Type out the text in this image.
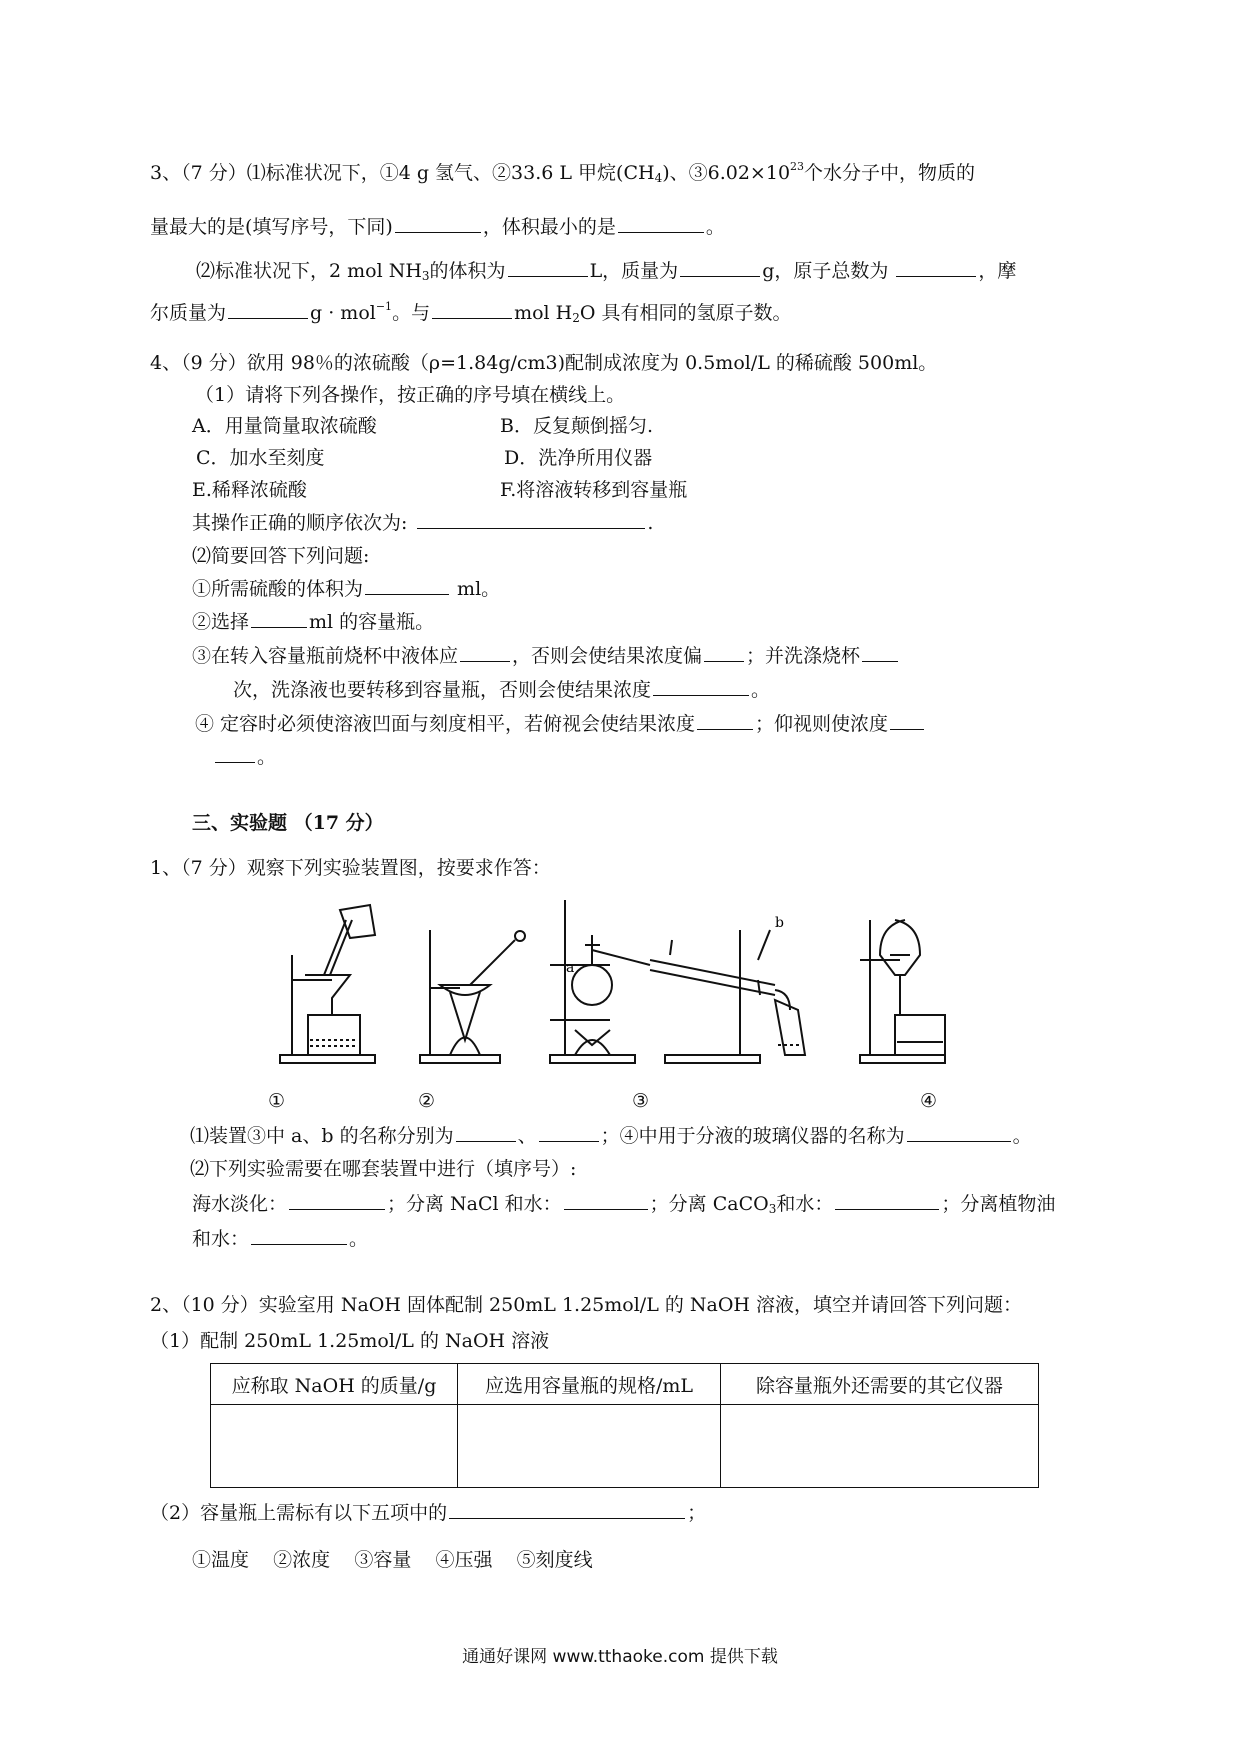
3、（7 分）⑴标准状况下，①4 g 氢气、②33.6 L 甲烷$(CH_4)$、$③6.02\times 10^{23}$个水分子中，物质的
量最大的是(填写序号，下同)	，体积最小的是	。
⑵标准状况下，2 mol $NH_3$的体积为	L，质量为	g，原子总数为	，摩
尔质量为	g · mol$^{-1}$。与	mol $H_2O$ 具有相同的氢原子数。
4、（9 分）欲用 98％的浓硫酸（ρ=1.84g/cm3)配制成浓度为 0.5mol/L 的稀硫酸 500ml。
（1）请将下列各操作，按正确的序号填在横线上。
A．用量筒量取浓硫酸	B．反复颠倒摇匀.
C．加水至刻度	D．洗净所用仪器
E.稀释浓硫酸	F.将溶液转移到容量瓶
其操作正确的顺序依次为:	.
⑵简要回答下列问题:
①所需硫酸的体积为	ml。
②选择	ml 的容量瓶。
③在转入容量瓶前烧杯中液体应	，否则会使结果浓度偏 ；并洗涤烧杯
次，洗涤液也要转移到容量瓶，否则会使结果浓度	。
④ 定容时必须使溶液凹面与刻度相平，若俯视会使结果浓度	；仰视则使浓度
。
三、实验题 （17 分）
1、（7 分）观察下列实验装置图，按要求作答：
a
b
①	②	③	④
⑴装置③中 a、b 的名称分别为	、	；④中用于分液的玻璃仪器的名称为	。
⑵下列实验需要在哪套装置中进行（填序号）:
海水淡化：	；分离 NaCl 和水：	；分离 CaCO$_3$和水：	；分离植物油
和水：	。
2、（10 分）实验室用 NaOH 固体配制 250mL 1.25mol/L 的 NaOH 溶液，填空并请回答下列问题：
（1）配制 250mL 1.25mol/L 的 NaOH 溶液
应称取 NaOH 的质量/g	应选用容量瓶的规格/mL	除容量瓶外还需要的其它仪器

（2）容量瓶上需标有以下五项中的	；
①温度    ②浓度    ③容量    ④压强    ⑤刻度线
通通好课网 www.tthaoke.com 提供下载
